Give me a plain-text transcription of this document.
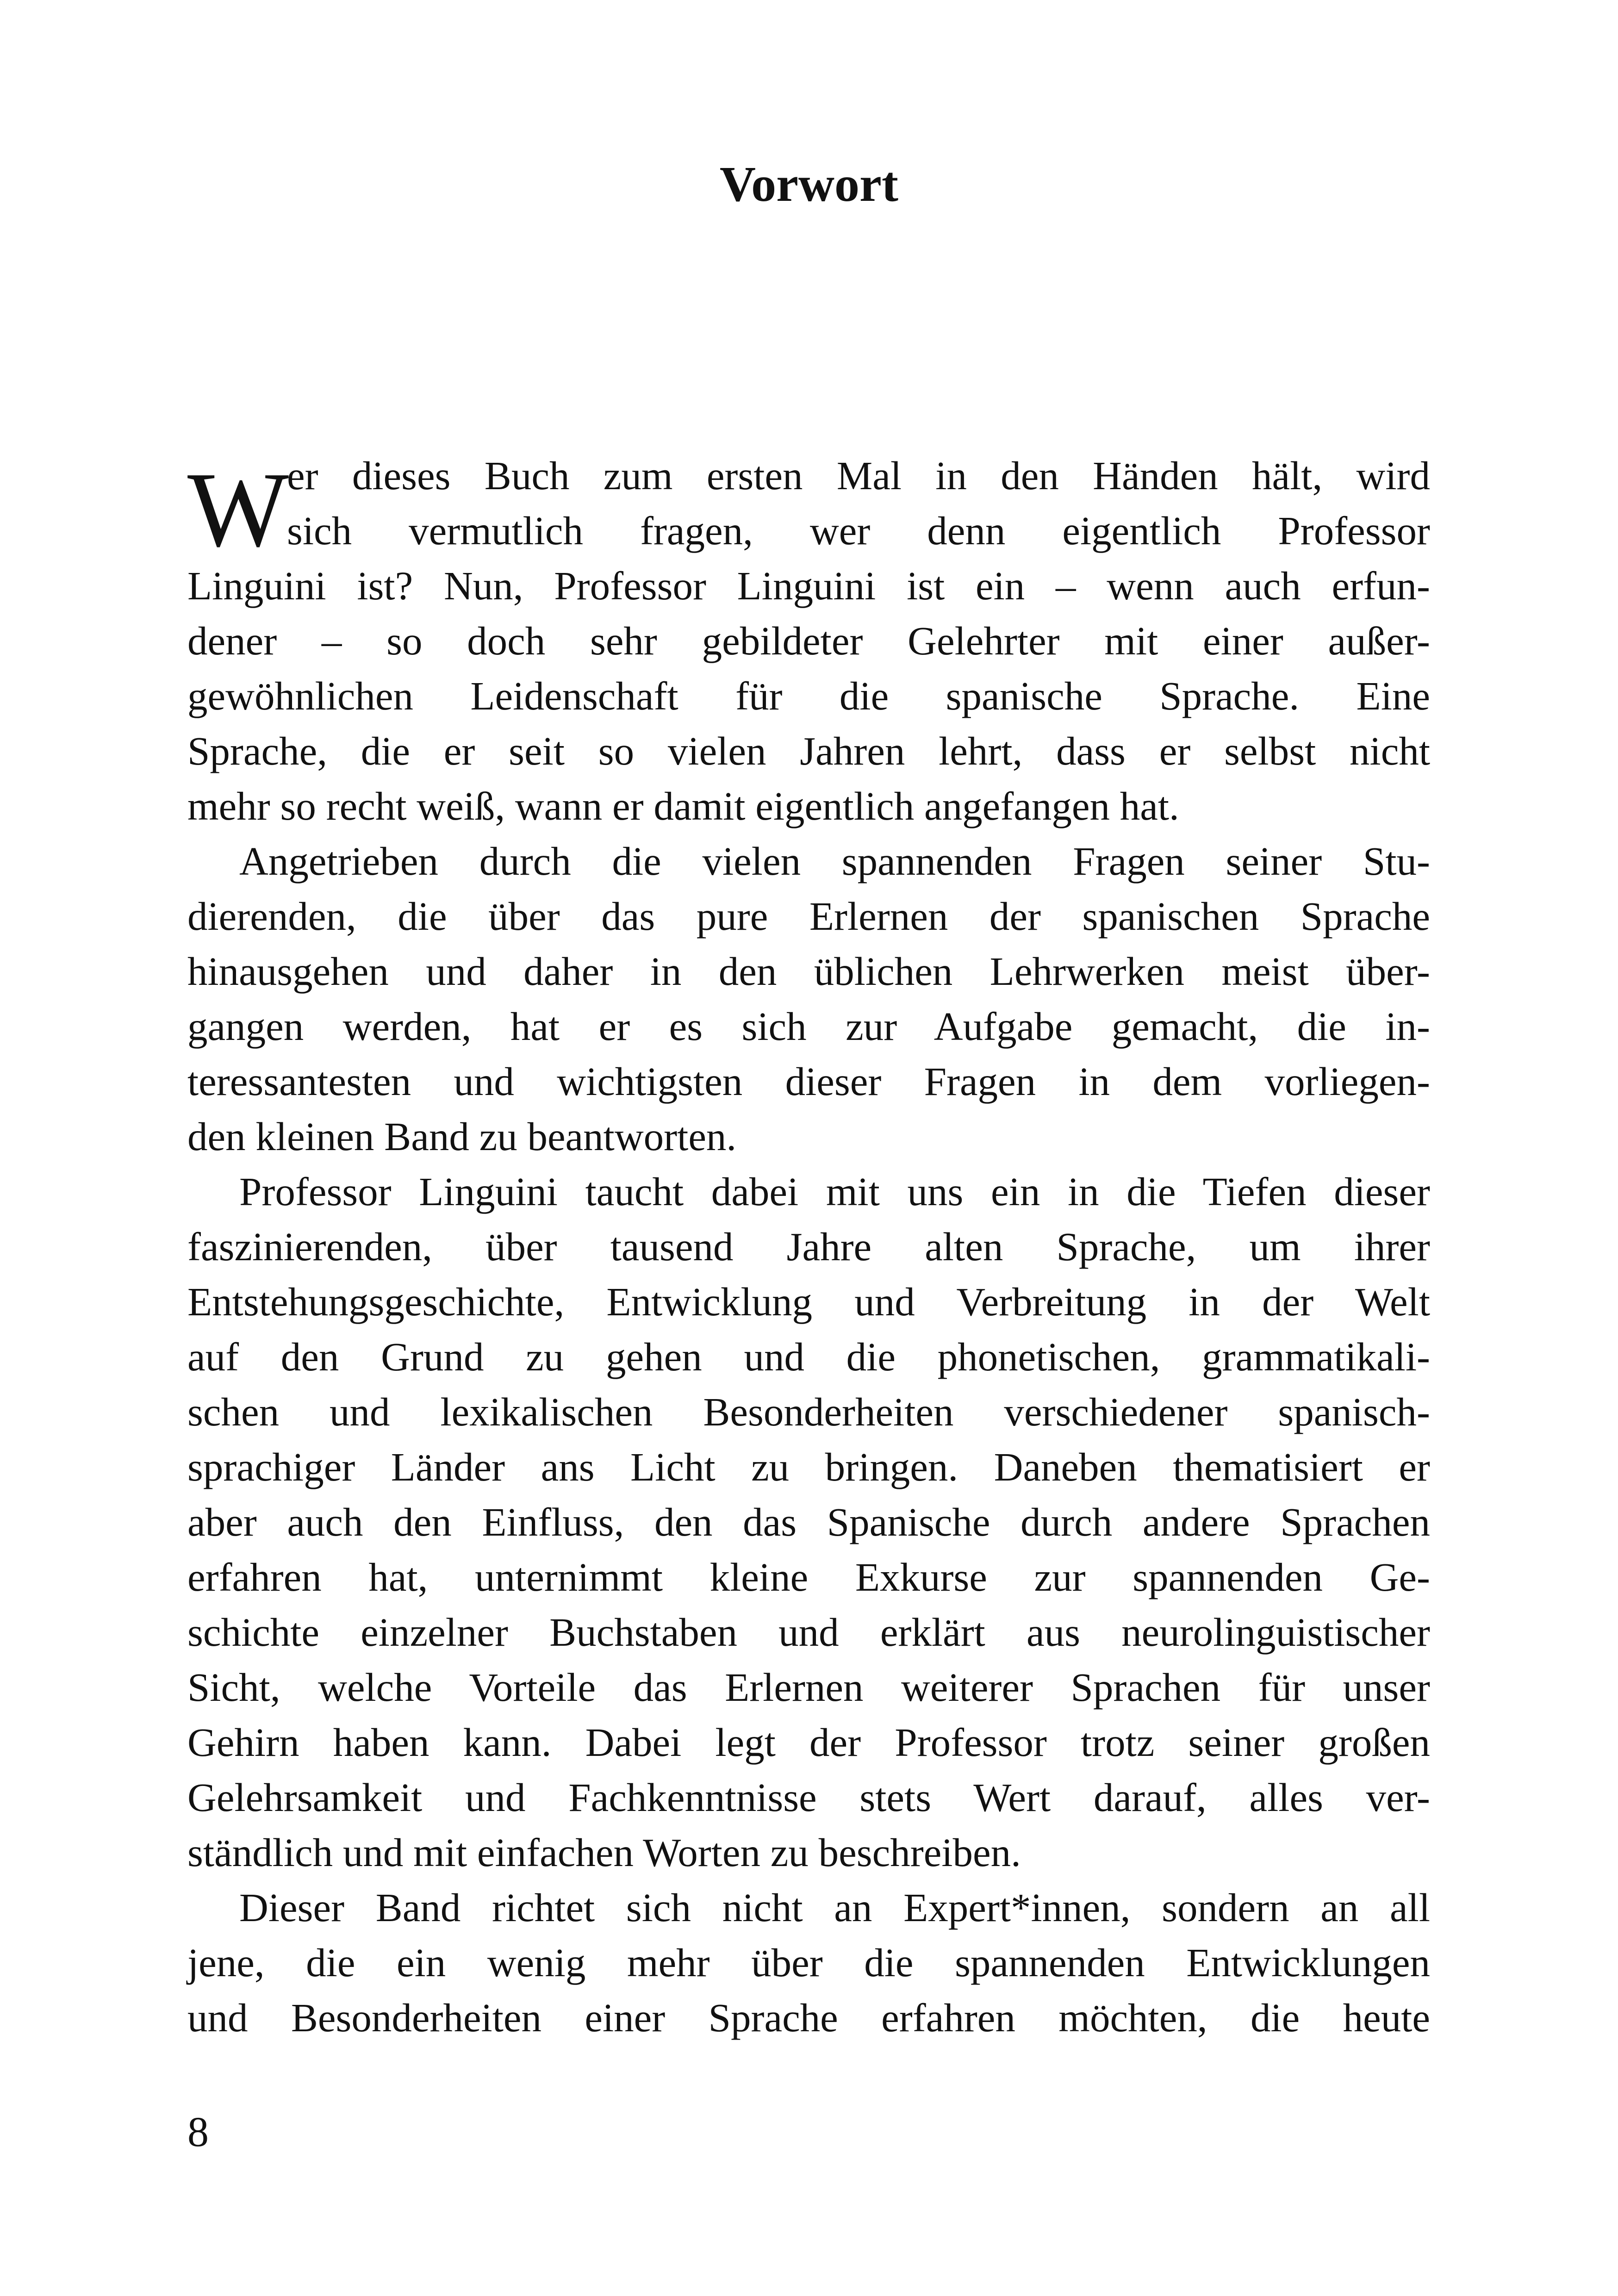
Vorwort
W
er dieses Buch zum ersten Mal in den Händen hält, wird
sich vermutlich fragen, wer denn eigentlich Professor
Linguini ist? Nun, Professor Linguini ist ein – wenn auch erfun-
dener – so doch sehr gebildeter Gelehrter mit einer außer-
gewöhnlichen Leidenschaft für die spanische Sprache. Eine
Sprache, die er seit so vielen Jahren lehrt, dass er selbst nicht
mehr so recht weiß, wann er damit eigentlich angefangen hat.
Angetrieben durch die vielen spannenden Fragen seiner Stu-
dierenden, die über das pure Erlernen der spanischen Sprache
hinausgehen und daher in den üblichen Lehrwerken meist über-
gangen werden, hat er es sich zur Aufgabe gemacht, die in-
teressantesten und wichtigsten dieser Fragen in dem vorliegen-
den kleinen Band zu beantworten.
Professor Linguini taucht dabei mit uns ein in die Tiefen dieser
faszinierenden, über tausend Jahre alten Sprache, um ihrer
Entstehungsgeschichte, Entwicklung und Verbreitung in der Welt
auf den Grund zu gehen und die phonetischen, grammatikali-
schen und lexikalischen Besonderheiten verschiedener spanisch-
sprachiger Länder ans Licht zu bringen. Daneben thematisiert er
aber auch den Einfluss, den das Spanische durch andere Sprachen
erfahren hat, unternimmt kleine Exkurse zur spannenden Ge-
schichte einzelner Buchstaben und erklärt aus neurolinguistischer
Sicht, welche Vorteile das Erlernen weiterer Sprachen für unser
Gehirn haben kann. Dabei legt der Professor trotz seiner großen
Gelehrsamkeit und Fachkenntnisse stets Wert darauf, alles ver-
ständlich und mit einfachen Worten zu beschreiben.
Dieser Band richtet sich nicht an Expert*innen, sondern an all
jene, die ein wenig mehr über die spannenden Entwicklungen
und Besonderheiten einer Sprache erfahren möchten, die heute
8
